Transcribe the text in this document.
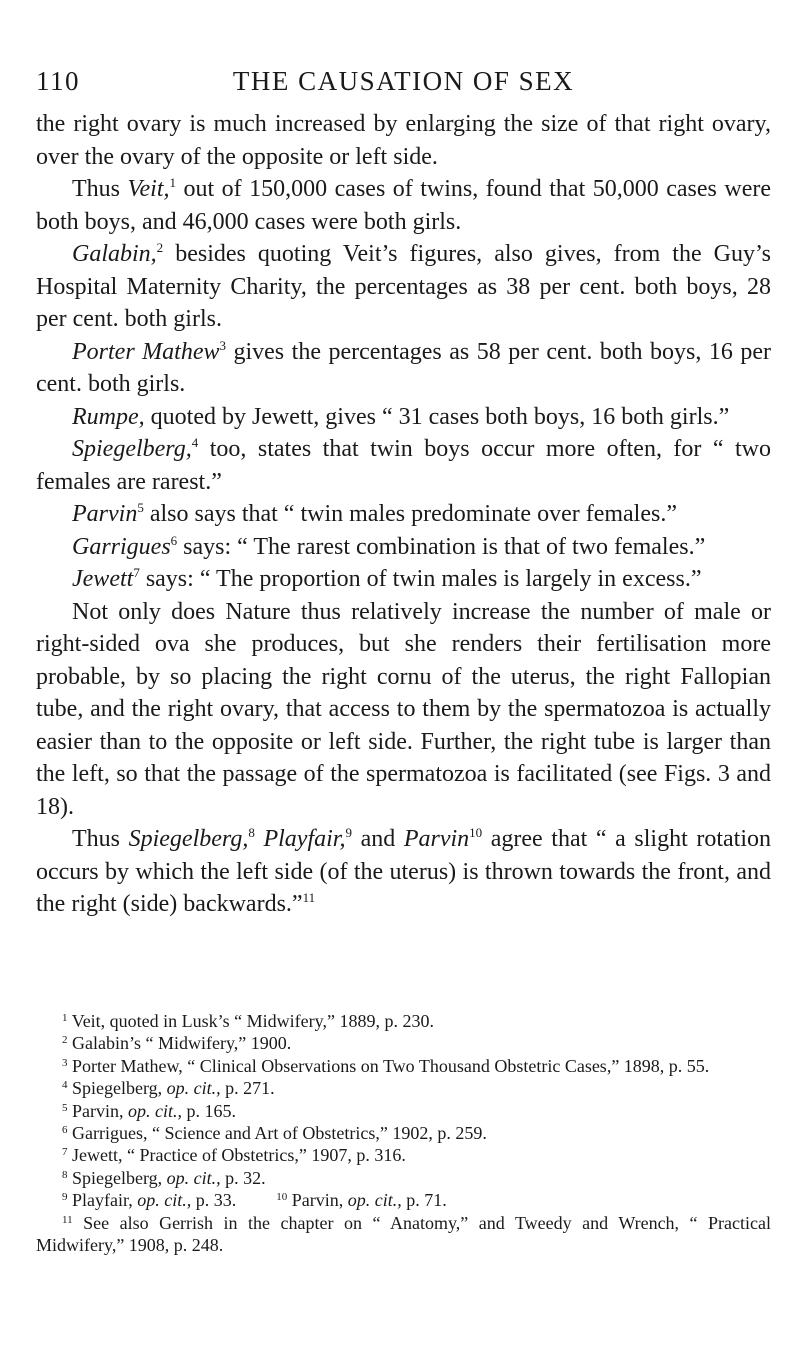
110	THE CAUSATION OF SEX

the right ovary is much increased by enlarging the size of that right ovary, over the ovary of the opposite or left side.

Thus Veit,$^1$ out of 150,000 cases of twins, found that 50,000 cases were both boys, and 46,000 cases were both girls.

Galabin,$^2$ besides quoting Veit’s figures, also gives, from the Guy’s Hospital Maternity Charity, the percentages as 38 per cent. both boys, 28 per cent. both girls.

Porter Mathew$^3$ gives the percentages as 58 per cent. both boys, 16 per cent. both girls.

Rumpe, quoted by Jewett, gives “ 31 cases both boys, 16 both girls.”

Spiegelberg,$^4$ too, states that twin boys occur more often, for “ two females are rarest.”

Parvin$^5$ also says that “ twin males predominate over females.”

Garrigues$^6$ says: “ The rarest combination is that of two females.”

Jewett$^7$ says: “ The proportion of twin males is largely in excess.”

Not only does Nature thus relatively increase the number of male or right-sided ova she produces, but she renders their fertilisation more probable, by so placing the right cornu of the uterus, the right Fallopian tube, and the right ovary, that access to them by the spermatozoa is actually easier than to the opposite or left side. Further, the right tube is larger than the left, so that the passage of the spermatozoa is facilitated (see Figs. 3 and 18).

Thus Spiegelberg,$^8$ Playfair,$^9$ and Parvin$^{10}$ agree that “ a slight rotation occurs by which the left side (of the uterus) is thrown towards the front, and the right (side) backwards.”$^{11}$

$^1$ Veit, quoted in Lusk’s “ Midwifery,” 1889, p. 230.

$^2$ Galabin’s “ Midwifery,” 1900.

$^3$ Porter Mathew, “ Clinical Observations on Two Thousand Obstetric Cases,” 1898, p. 55.

$^4$ Spiegelberg, op. cit., p. 271.

$^5$ Parvin, op. cit., p. 165.

$^6$ Garrigues, “ Science and Art of Obstetrics,” 1902, p. 259.

$^7$ Jewett, “ Practice of Obstetrics,” 1907, p. 316.

$^8$ Spiegelberg, op. cit., p. 32.

$^9$ Playfair, op. cit., p. 33.	$^{10}$ Parvin, op. cit., p. 71.

$^{11}$ See also Gerrish in the chapter on “ Anatomy,” and Tweedy and Wrench, “ Practical Midwifery,” 1908, p. 248.
